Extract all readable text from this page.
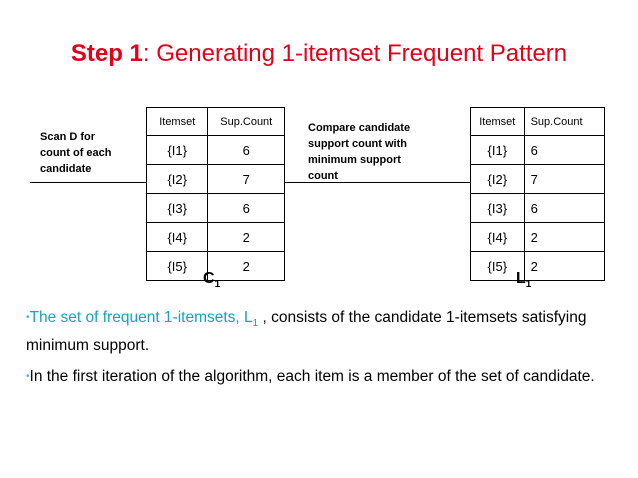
Step 1: Generating 1-itemset Frequent Pattern
Scan D for
count of each
candidate
Itemset	Sup.Count
{I1}	6
{I2}	7
{I3}	6
{I4}	2
{I5}	2
$C_1$
Compare candidate
support count with
minimum support
count
Itemset	Sup.Count
{I1}	6
{I2}	7
{I3}	6
{I4}	2
{I5}	2
$L_1$
•The set of frequent 1-itemsets, $L_1$ , consists of the candidate 1-itemsets satisfying minimum support.
•In the first iteration of the algorithm, each item is a member of the set of candidate.
